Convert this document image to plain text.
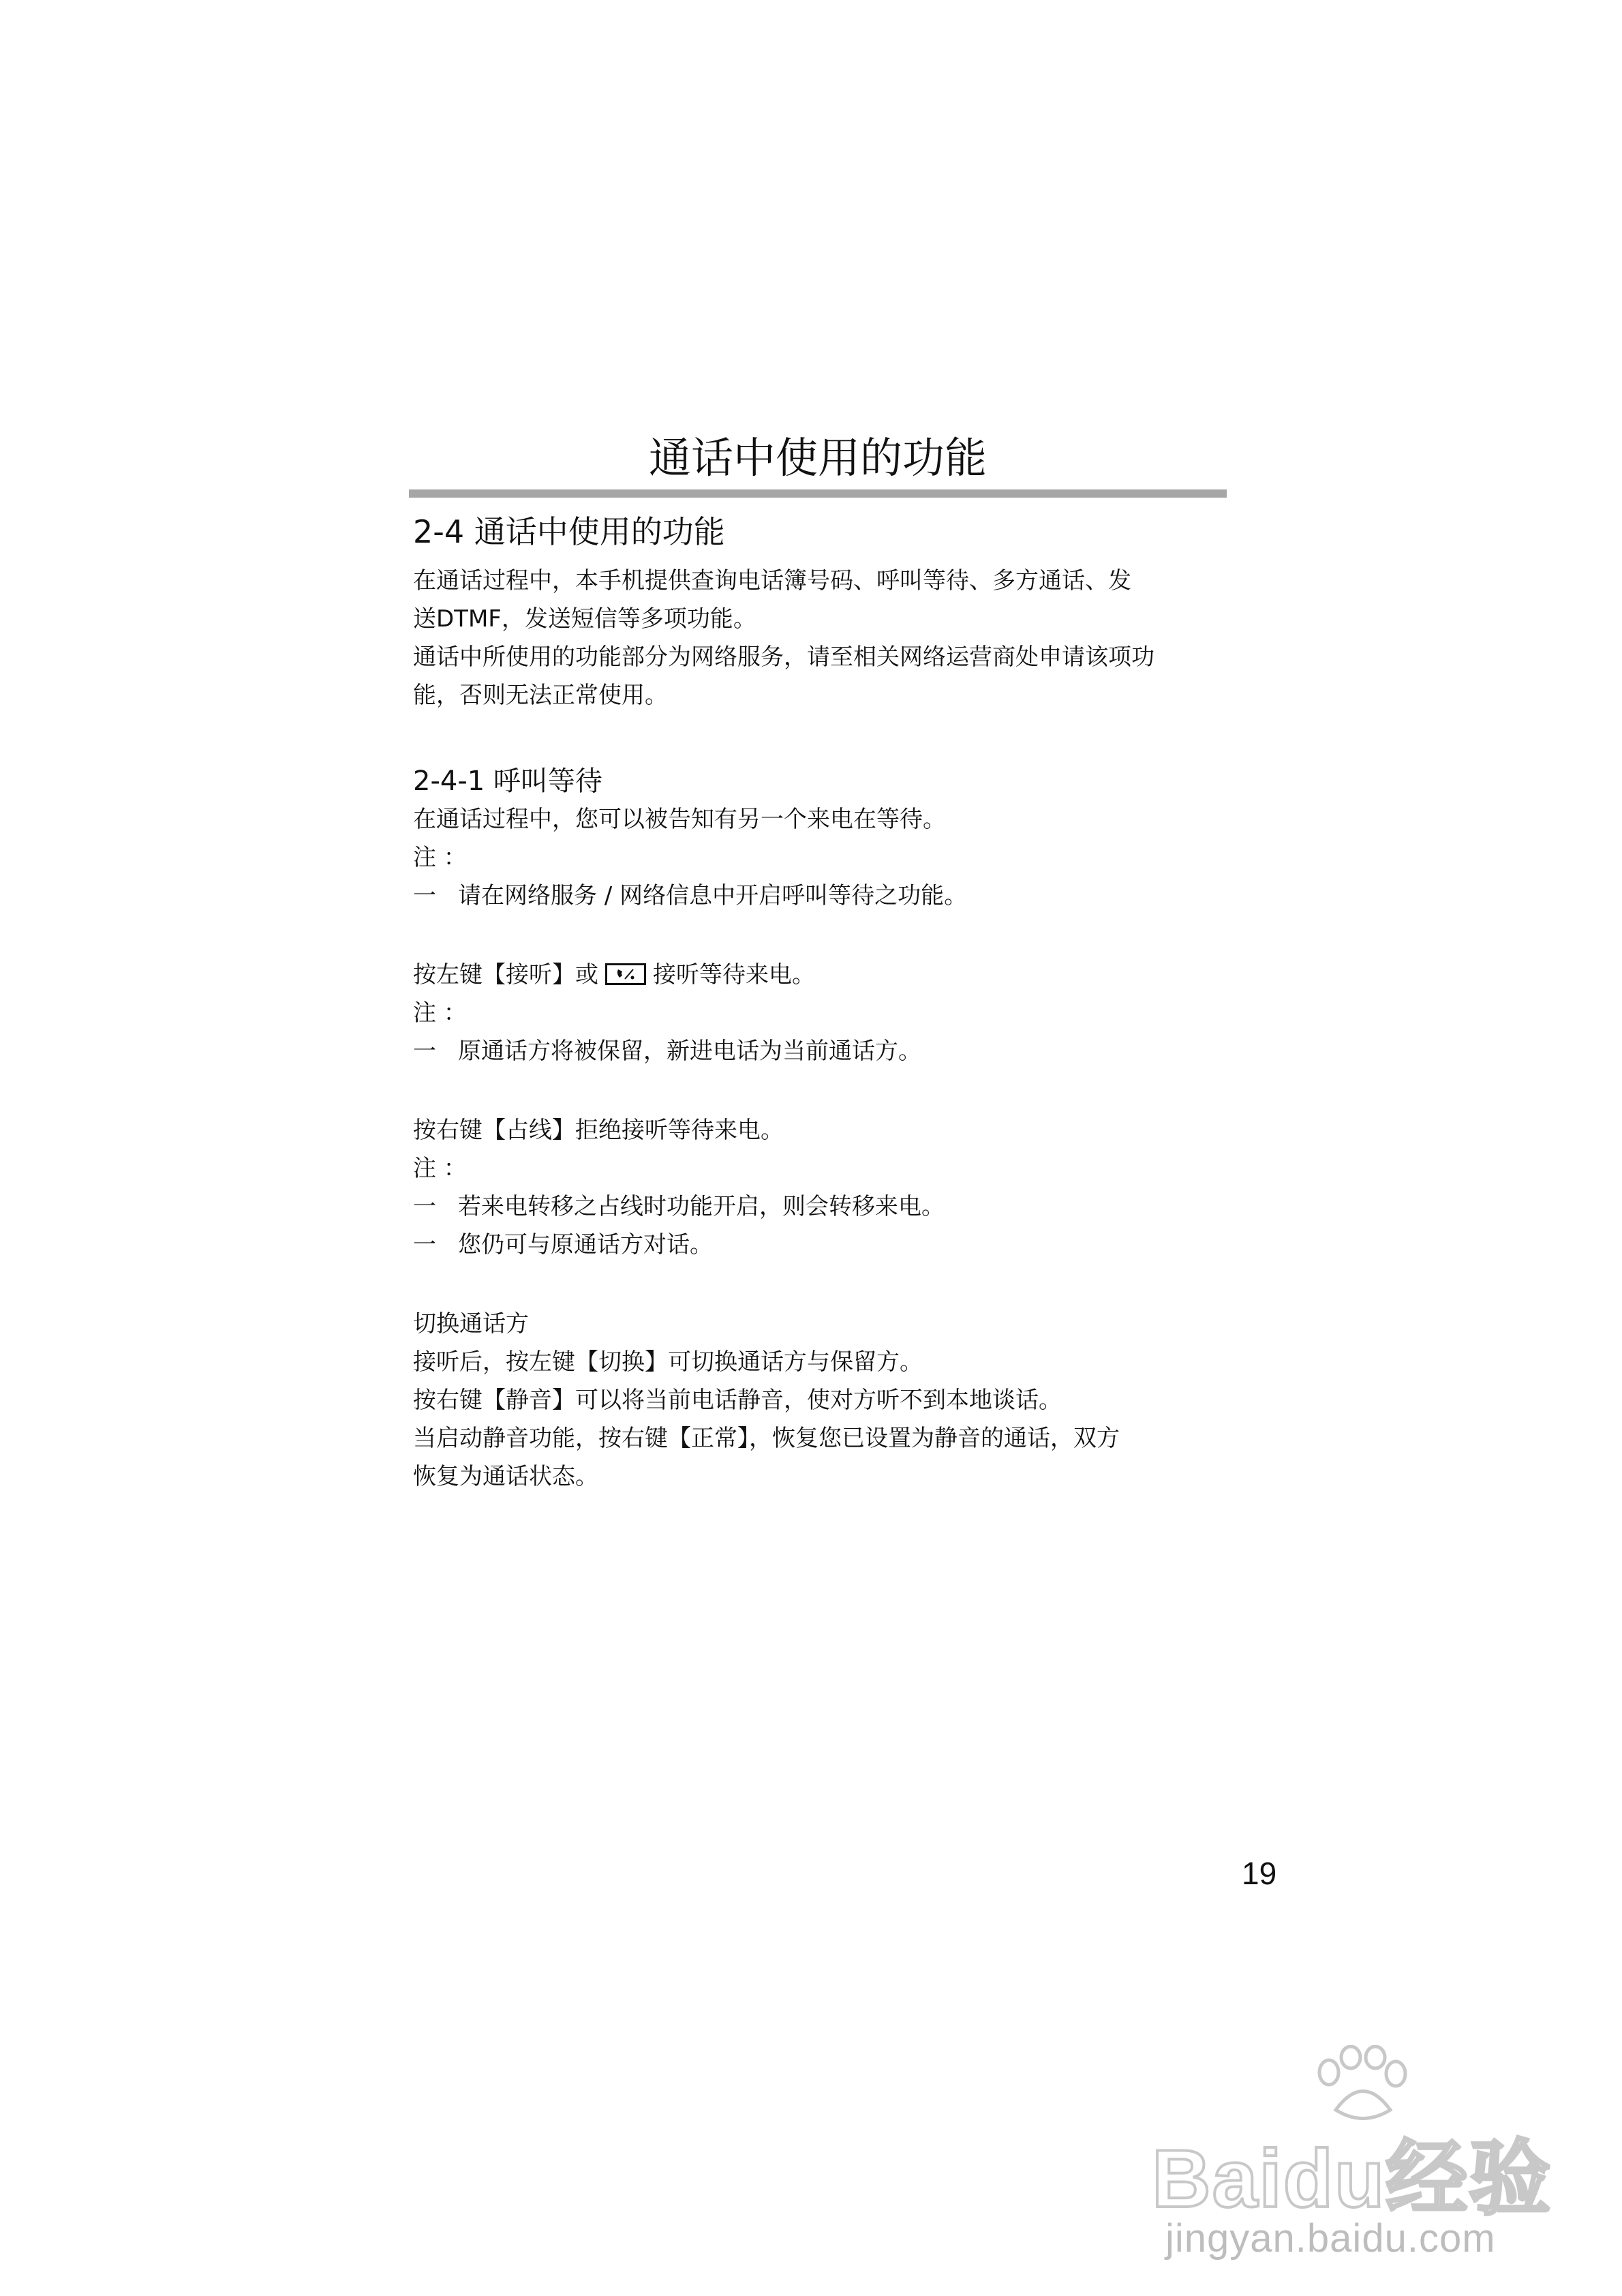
通话中使用的功能

2-4 通话中使用的功能

在通话过程中，本手机提供查询电话簿号码、呼叫等待、多方通话、发

送DTMF，发送短信等多项功能。

通话中所使用的功能部分为网络服务，请至相关网络运营商处申请该项功

能，否则无法正常使用。

2-4-1 呼叫等待

在通话过程中，您可以被告知有另一个来电在等待。

注 ：

一 请在网络服务 / 网络信息中开启呼叫等待之功能。

按左键【接听】或 接听等待来电。

注 ：

一 原通话方将被保留，新进电话为当前通话方。

按右键【占线】拒绝接听等待来电。

注 ：

一 若来电转移之占线时功能开启，则会转移来电。

一 您仍可与原通话方对话。

切换通话方

接听后，按左键【切换】可切换通话方与保留方。

按右键【静音】可以将当前电话静音，使对方听不到本地谈话。

当启动静音功能，按右键【正常】，恢复您已设置为静音的通话，双方

恢复为通话状态。

19
Baidu经验
jingyan.baidu.com
